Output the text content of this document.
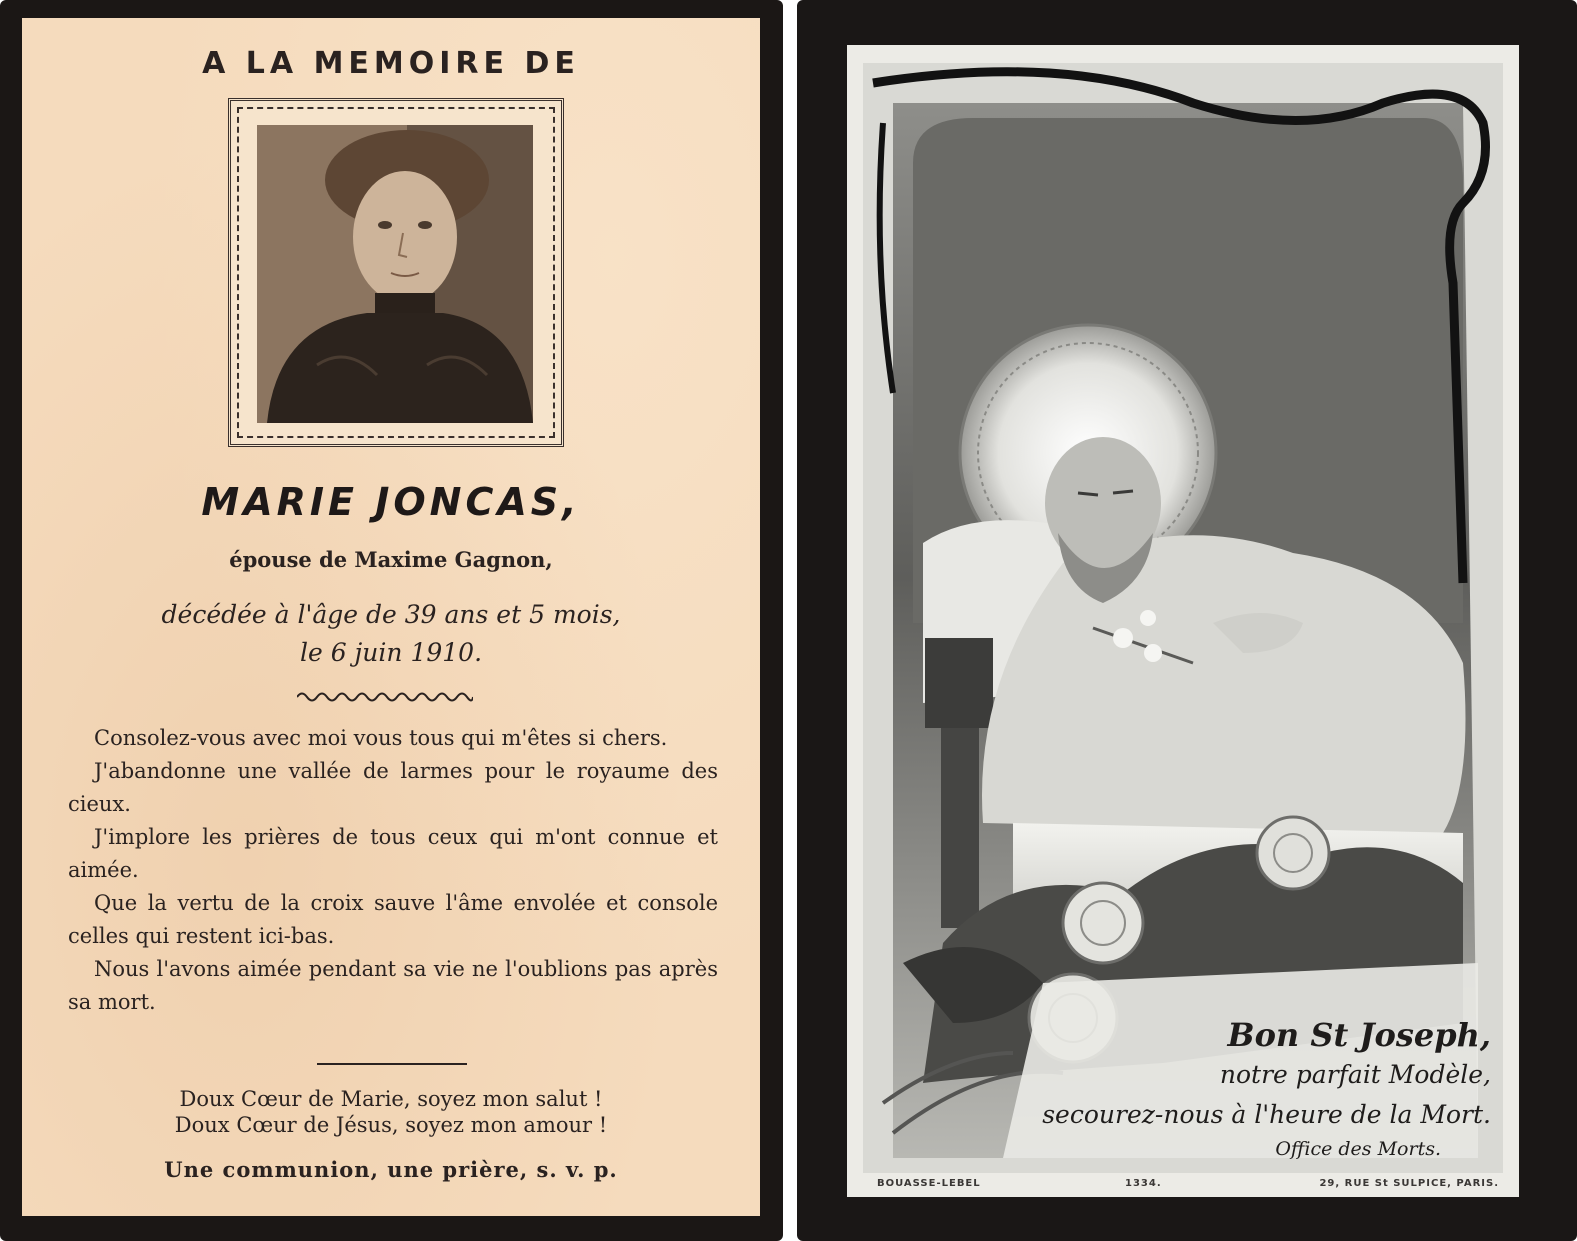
A LA MEMOIRE DE
MARIE JONCAS,
épouse de Maxime Gagnon,
décédée à l'âge de 39 ans et 5 mois,
le 6 juin 1910.

Consolez-vous avec moi vous tous qui m'êtes si chers.

J'abandonne une vallée de larmes pour le royaume des cieux.

J'implore les prières de tous ceux qui m'ont connue et aimée.

Que la vertu de la croix sauve l'âme envolée et console celles qui restent ici-bas.

Nous l'avons aimée pendant sa vie ne l'oublions pas après sa mort.

Doux Cœur de Marie, soyez mon salut !
Doux Cœur de Jésus, soyez mon amour !
Une communion, une prière, s. v. p.
Bon St Joseph,
notre parfait Modèle,
secourez-nous à l'heure de la Mort.
Office des Morts.
BOUASSE-LEBEL	1334.	29, RUE St SULPICE, PARIS.
